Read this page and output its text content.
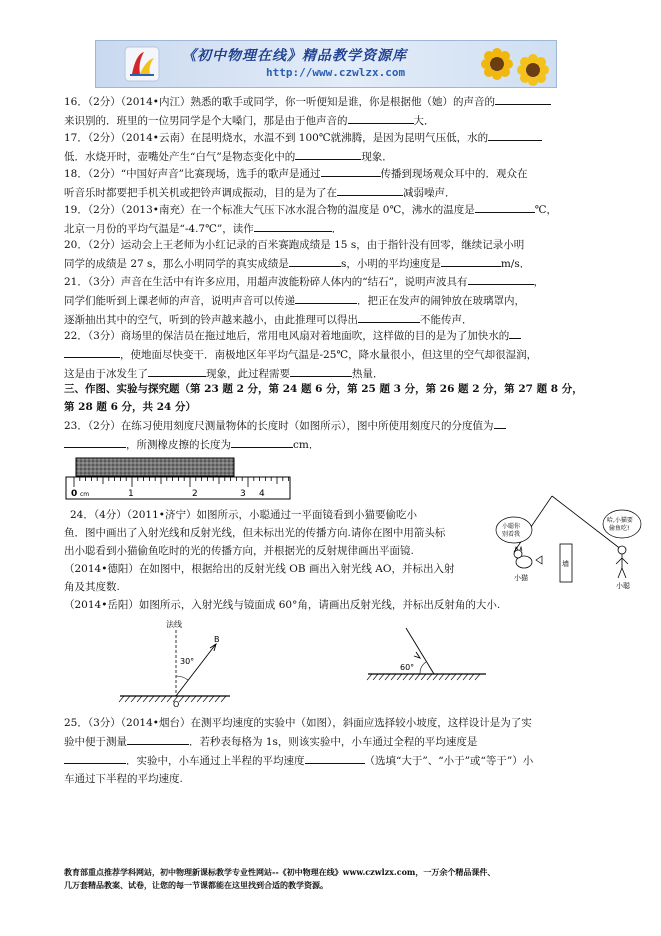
《初中物理在线》精品教学资源库
http://www.czwlzx.com
16．（2分）（2014•内江）熟悉的歌手或同学，你一听便知是谁，你是根据他（她）的声音的
来识别的．班里的一位男同学是个大嗓门，那是由于他声音的	大．
17．（2分）（2014•云南）在昆明烧水，水温不到 100℃就沸腾，是因为昆明气压低，水的
低．水烧开时，壶嘴处产生“白气”是物态变化中的	现象．
18．（2分）“中国好声音”比赛现场，选手的歌声是通过	传播到现场观众耳中的．观众在
听音乐时都要把手机关机或把铃声调成振动，目的是为了在	减弱噪声．
19．（2分）（2013•南充）在一个标准大气压下冰水混合物的温度是 0℃，沸水的温度是	℃，
北京一月份的平均气温是“-4.7℃”，读作	．
20．（2分）运动会上王老师为小红记录的百米赛跑成绩是 15 s，由于指针没有回零，继续记录小明
同学的成绩是 27 s，那么小明同学的真实成绩是	s，小明的平均速度是	m/s．
21．（3分）声音在生活中有许多应用，用超声波能粉碎人体内的“结石”，说明声波具有	，
同学们能听到上课老师的声音，说明声音可以传递	．把正在发声的闹钟放在玻璃罩内，
逐渐抽出其中的空气，听到的铃声越来越小，由此推理可以得出	不能传声．
22．（3分）商场里的保洁员在拖过地后，常用电风扇对着地面吹，这样做的目的是为了加快水的
，使地面尽快变干．南极地区年平均气温是-25℃，降水量很小，但这里的空气却很湿润，
这是由于冰发生了	现象，此过程需要	热量．
三、作图、实验与探究题（第 23 题 2 分，第 24 题 6 分，第 25 题 3 分，第 26 题 2 分，第 27 题 8 分，
第 28 题 6 分，共 24 分）
23．（2分）在练习使用刻度尺测量物体的长度时（如图所示），图中所使用刻度尺的分度值为
，所测橡皮擦的长度为	cm．
0 cm	1	2	3 4
24．（4分）（2011•济宁）如图所示，小聪通过一平面镜看到小猫要偷吃小
鱼．图中画出了入射光线和反射光线，但未标出光的传播方向.请你在图中用箭头标
出小聪看到小猫偷鱼吃时的光的传播方向，并根据光的反射规律画出平面镜.
（2014•德阳）在如图中，根据给出的反射光线 OB 画出入射光线 AO，并标出入射
角及其度数.
（2014•岳阳）如图所示，入射光线与镜面成 60°角，请画出反射光线，并标出反射角的大小.
小聪你
别看我
哈,小猫要
偷鱼吃!
墙
小猫
小聪
法线
B
30°
O
60°
25．（3分）（2014•烟台）在测平均速度的实验中（如图），斜面应选择较小坡度，这样设计是为了实
验中便于测量	．若秒表每格为 1s，则该实验中，小车通过全程的平均速度是
．实验中，小车通过上半程的平均速度	（选填“大于”、“小于”或“等于”）小
车通过下半程的平均速度.
教育部重点推荐学科网站，初中物理新课标教学专业性网站--《初中物理在线》www.czwlzx.com，一万余个精品课件、
几万套精品教案、试卷，让您的每一节课都能在这里找到合适的教学资源。
